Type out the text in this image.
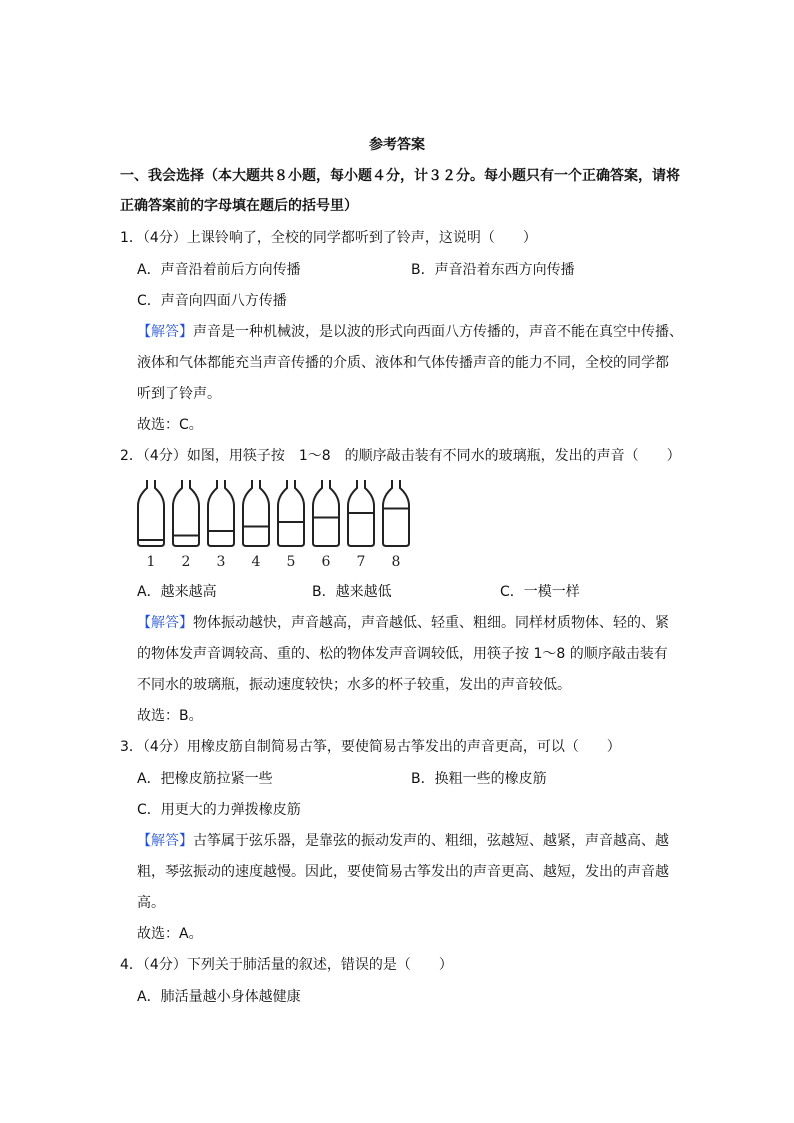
参考答案
一、我会选择（本大题共８小题，每小题４分，计３２分。每小题只有一个正确答案，请将
正确答案前的字母填在题后的括号里）
1．（4分）上课铃响了，全校的同学都听到了铃声，这说明（　　）
A．声音沿着前后方向传播	B．声音沿着东西方向传播
C．声音向四面八方传播
【解答】声音是一种机械波，是以波的形式向西面八方传播的，声音不能在真空中传播、
液体和气体都能充当声音传播的介质、液体和气体传播声音的能力不同，全校的同学都
听到了铃声。
故选：C。
2．（4分）如图，用筷子按　1～8　的顺序敲击装有不同水的玻璃瓶，发出的声音（　　）
1 2 3 4 5 6 7 8
A．越来越高	B．越来越低	C．一模一样
【解答】物体振动越快，声音越高，声音越低、轻重、粗细。同样材质物体、轻的、紧
的物体发声音调较高、重的、松的物体发声音调较低，用筷子按 1～8 的顺序敲击装有
不同水的玻璃瓶，振动速度较快；水多的杯子较重，发出的声音较低。
故选：B。
3．（4分）用橡皮筋自制简易古筝，要使简易古筝发出的声音更高，可以（　　）
A．把橡皮筋拉紧一些	B．换粗一些的橡皮筋
C．用更大的力弹拨橡皮筋
【解答】古筝属于弦乐器，是靠弦的振动发声的、粗细，弦越短、越紧，声音越高、越
粗，琴弦振动的速度越慢。因此，要使简易古筝发出的声音更高、越短，发出的声音越
高。
故选：A。
4．（4分）下列关于肺活量的叙述，错误的是（　　）
A．肺活量越小身体越健康
